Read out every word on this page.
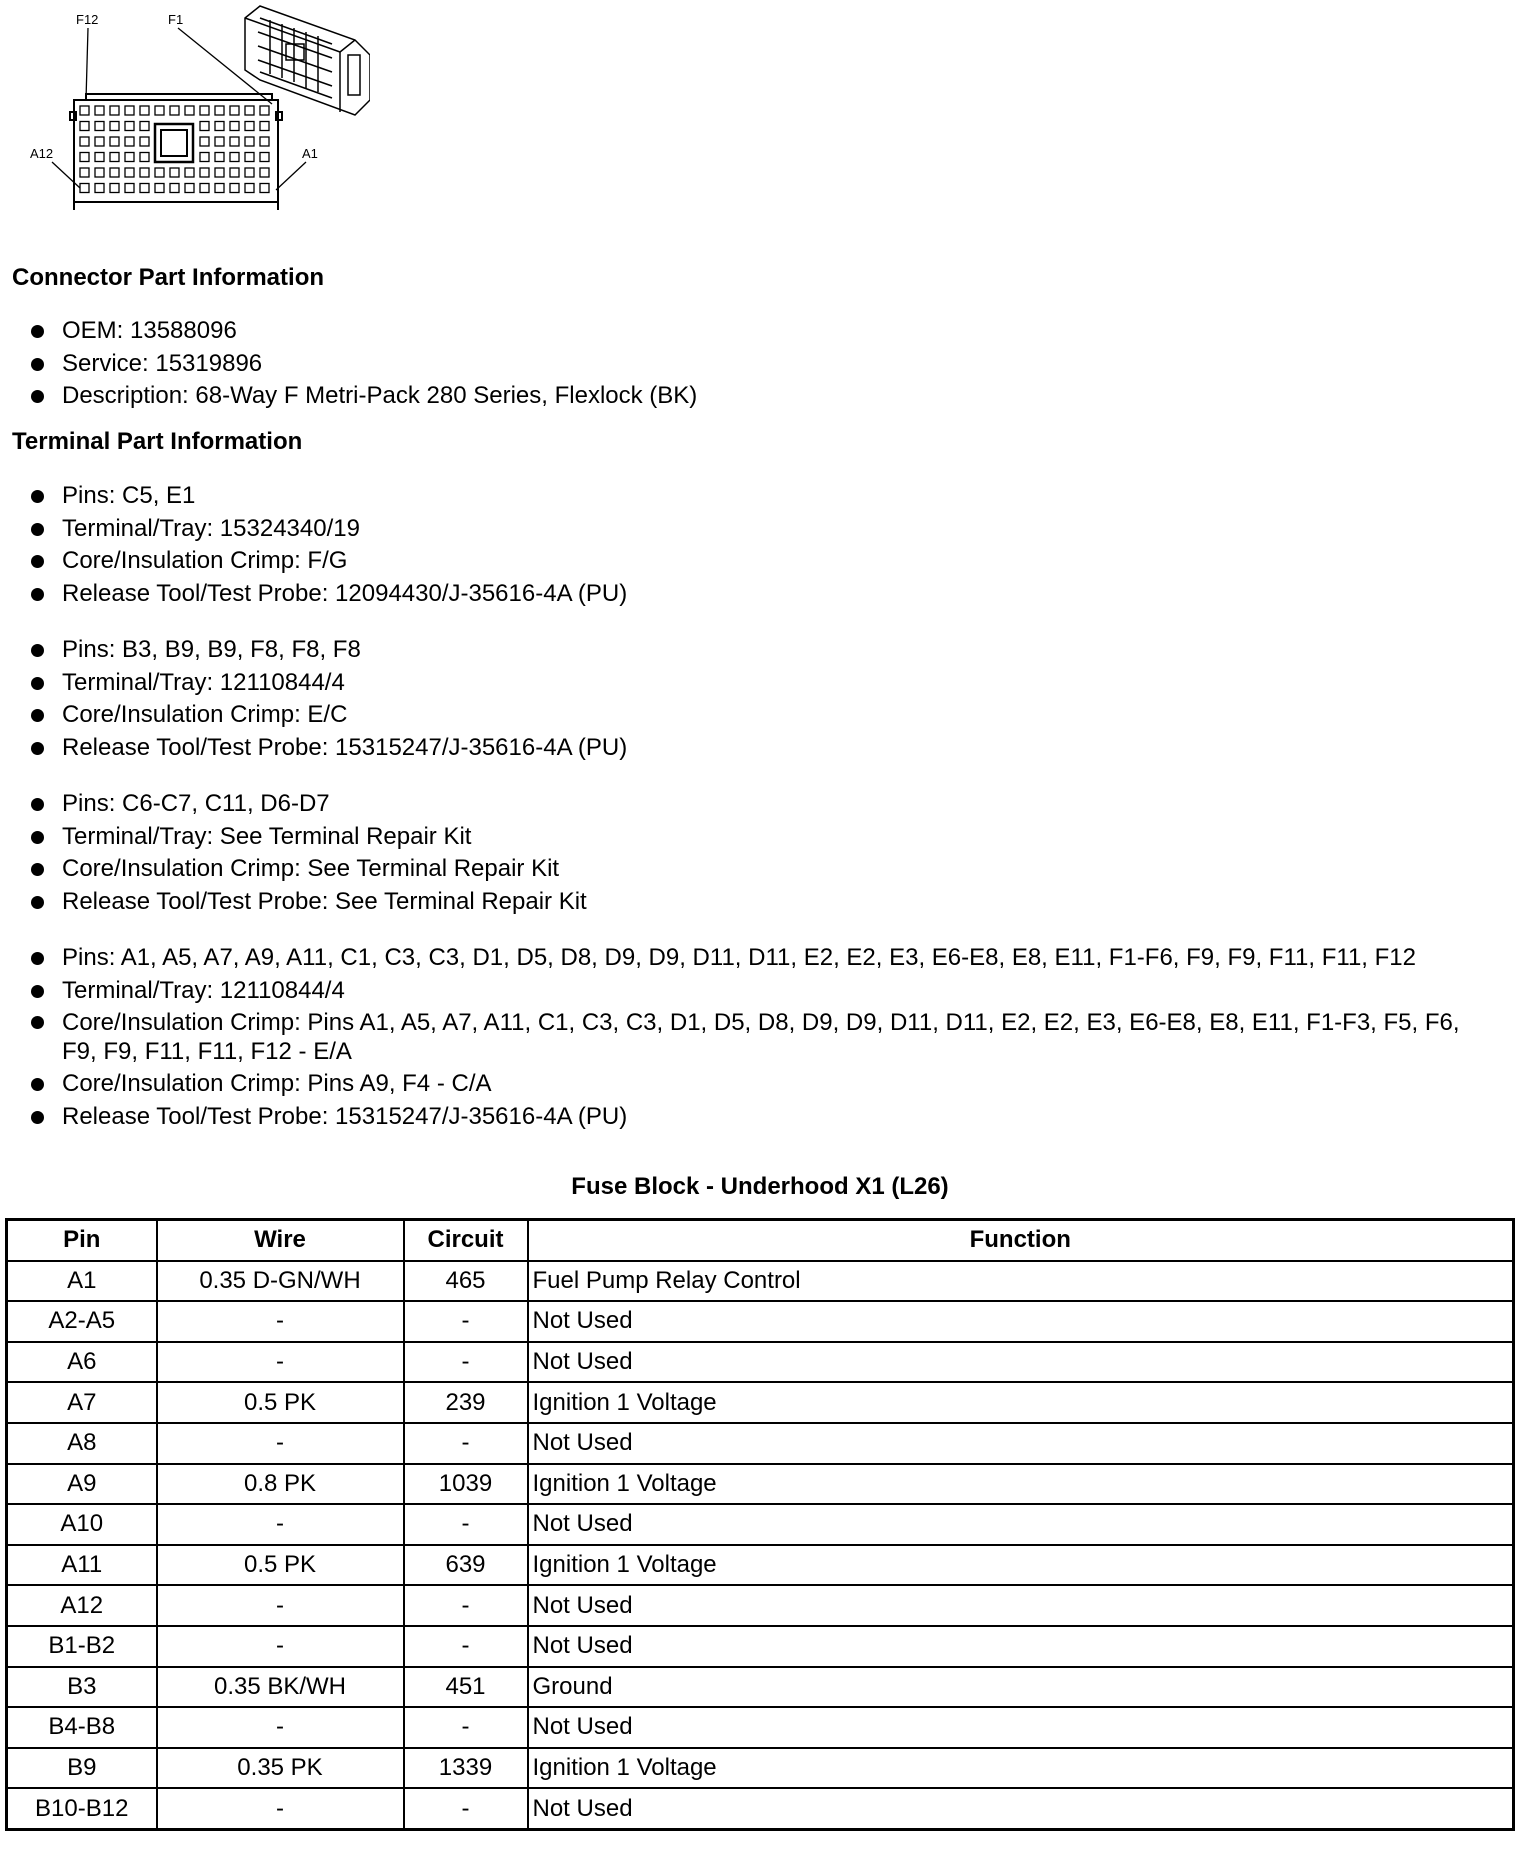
F12	F1
A12	A1
Connector Part Information
OEM: 13588096
Service: 15319896
Description: 68-Way F Metri-Pack 280 Series, Flexlock (BK)
Terminal Part Information
Pins: C5, E1
Terminal/Tray: 15324340/19
Core/Insulation Crimp: F/G
Release Tool/Test Probe: 12094430/J-35616-4A (PU)
Pins: B3, B9, B9, F8, F8, F8
Terminal/Tray: 12110844/4
Core/Insulation Crimp: E/C
Release Tool/Test Probe: 15315247/J-35616-4A (PU)
Pins: C6-C7, C11, D6-D7
Terminal/Tray: See Terminal Repair Kit
Core/Insulation Crimp: See Terminal Repair Kit
Release Tool/Test Probe: See Terminal Repair Kit
Pins: A1, A5, A7, A9, A11, C1, C3, C3, D1, D5, D8, D9, D9, D11, D11, E2, E2, E3, E6-E8, E8, E11, F1-F6, F9, F9, F11, F11, F12
Terminal/Tray: 12110844/4
Core/Insulation Crimp: Pins A1, A5, A7, A11, C1, C3, C3, D1, D5, D8, D9, D9, D11, D11, E2, E2, E3, E6-E8, E8, E11, F1-F3, F5, F6, F9, F9, F11, F11, F12 - E/A
Core/Insulation Crimp: Pins A9, F4 - C/A
Release Tool/Test Probe: 15315247/J-35616-4A (PU)
Fuse Block - Underhood X1 (L26)
Pin	Wire	Circuit	Function
A1	0.35 D-GN/WH	465	Fuel Pump Relay Control
A2-A5	-	-	Not Used
A6	-	-	Not Used
A7	0.5 PK	239	Ignition 1 Voltage
A8	-	-	Not Used
A9	0.8 PK	1039	Ignition 1 Voltage
A10	-	-	Not Used
A11	0.5 PK	639	Ignition 1 Voltage
A12	-	-	Not Used
B1-B2	-	-	Not Used
B3	0.35 BK/WH	451	Ground
B4-B8	-	-	Not Used
B9	0.35 PK	1339	Ignition 1 Voltage
B10-B12	-	-	Not Used
